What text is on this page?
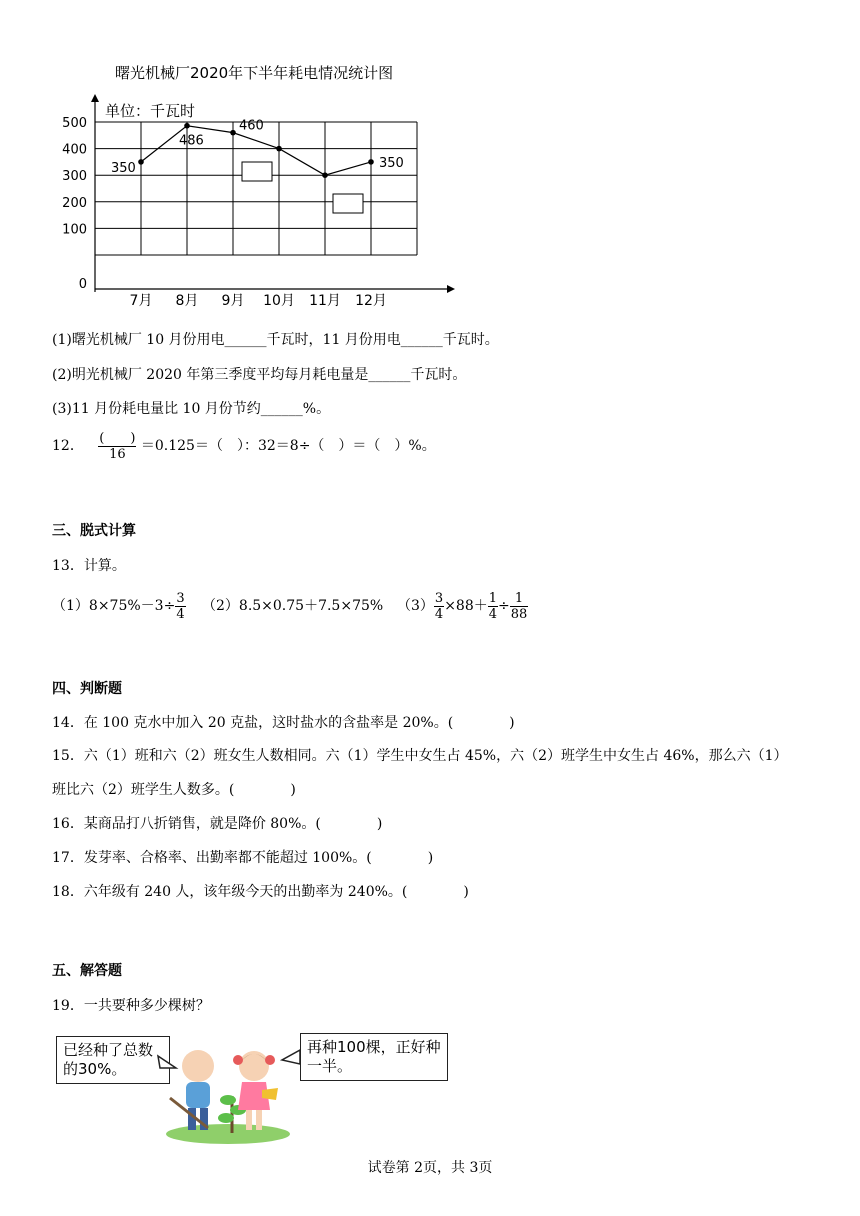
曙光机械厂2020年下半年耗电情况统计图
单位：千瓦时
0
100
200
300
400
500
7月 8月 9月 10月 11月 12月
350
486
460
350
(1)曙光机械厂 10 月份用电______千瓦时，11 月份用电______千瓦时。
(2)明光机械厂 2020 年第三季度平均每月耗电量是______千瓦时。
(3)11 月份耗电量比 10 月份节约______%。
12． $\frac{( )}{16} =0.125=$（　）：32＝8÷（　）＝（　）%。
三、脱式计算
13．计算。
$(1)8\times 75\%-3\div \frac{3}{4} (2)8.5\times 0.75+7.5\times 75\%$ $(3) \frac{3}{4} \times 88+ \frac{1}{4} \div \frac{1}{88}$
四、判断题
14．在 100 克水中加入 20 克盐，这时盐水的含盐率是 20%。(　　　　)
15．六（1）班和六（2）班女生人数相同。六（1）学生中女生占 45%，六（2）班学生中女生占 46%，那么六（1）
班比六（2）班学生人数多。(　　　　)
16．某商品打八折销售，就是降价 80%。(　　　　)
17．发芽率、合格率、出勤率都不能超过 100%。(　　　　)
18．六年级有 240 人，该年级今天的出勤率为 240%。(　　　　)
五、解答题
19．一共要种多少棵树？
已经种了总数的30%。
再种100棵，正好种一半。
试卷第 2页，共 3页
